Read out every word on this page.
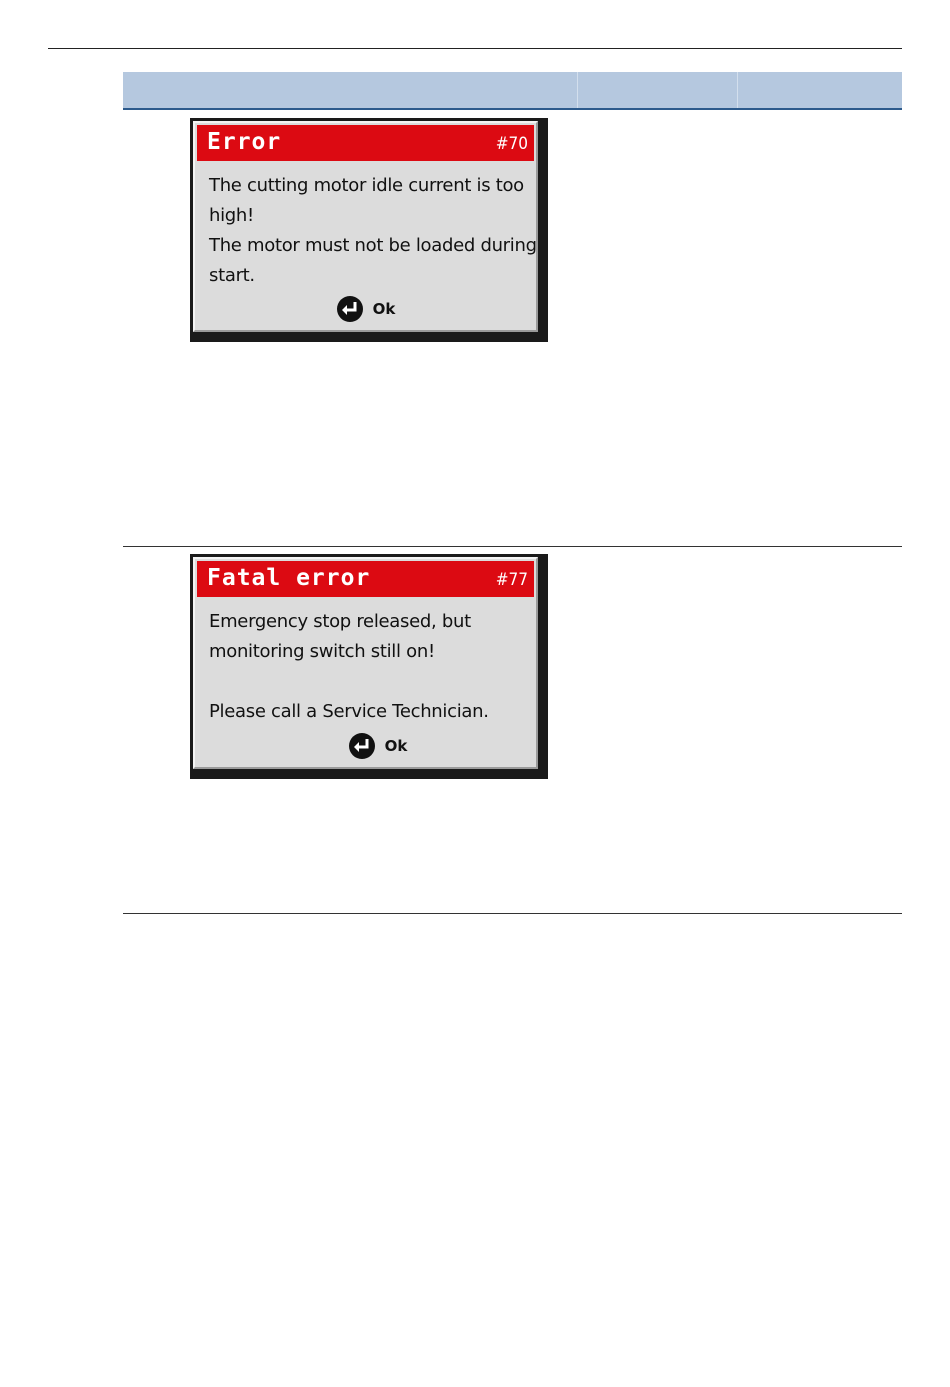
Error	#70
The cutting motor idle current is too
high!
The motor must not be loaded during
start.
Ok
Fatal error	#77
Emergency stop released, but
monitoring switch still on!
Please call a Service Technician.
Ok
